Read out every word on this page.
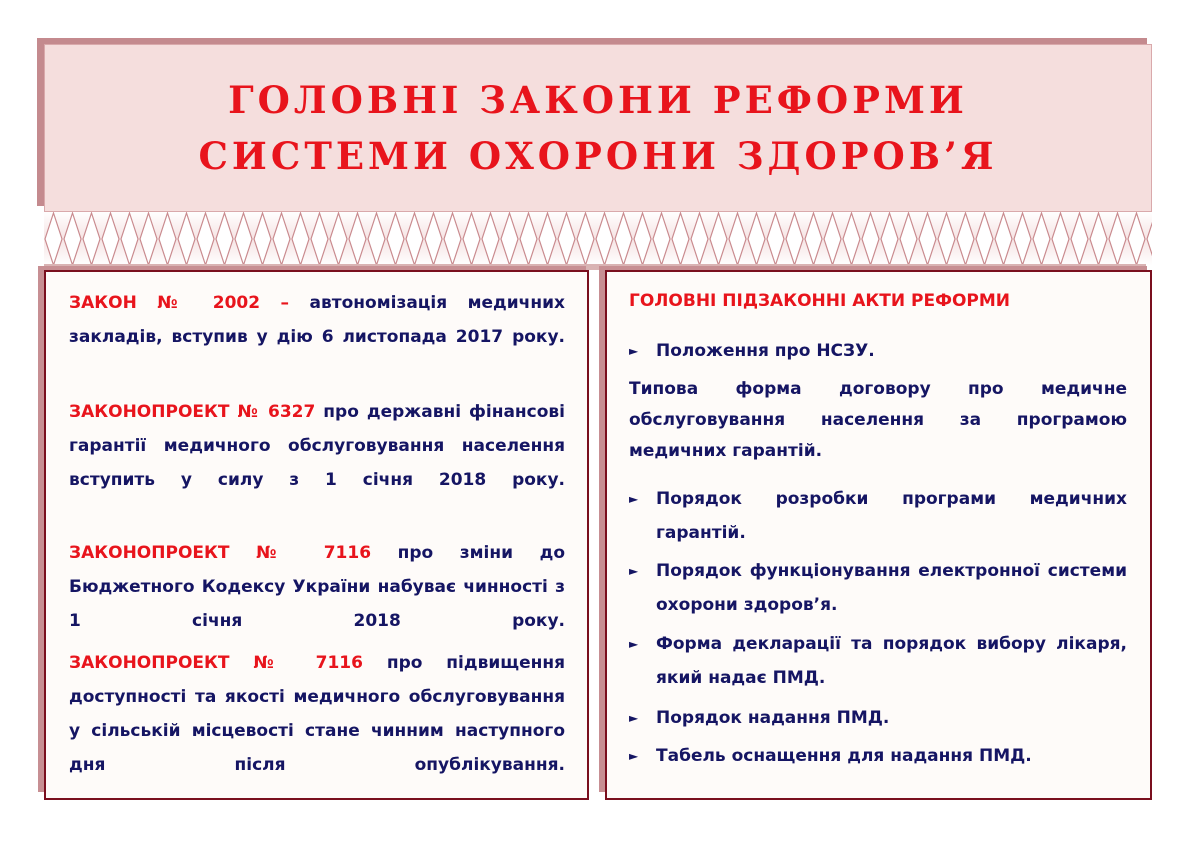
ГОЛОВНІ ЗАКОНИ РЕФОРМИ
СИСТЕМИ ОХОРОНИ ЗДОРОВ’Я
ЗАКОН № 2002 – автономізація медичних закладів, вступив у дію 6 листопада 2017 року.
ЗАКОНОПРОЕКТ № 6327 про державні фінансові гарантії медичного обслуговування населення вступить у силу з 1 січня 2018 року.
ЗАКОНОПРОЕКТ № 7116 про зміни до Бюджетного Кодексу України набуває чинності з 1 січня 2018 року.
ЗАКОНОПРОЕКТ № 7116 про підвищення доступності та якості медичного обслуговування у сільській місцевості стане чинним наступного дня після опублікування.
ГОЛОВНІ ПІДЗАКОННІ АКТИ РЕФОРМИ
► Положення про НСЗУ.
Типова форма договору про медичне обслуговування населення за програмою медичних гарантій.
► Порядок розробки програми медичних гарантій.
► Порядок функціонування електронної системи охорони здоров’я.
► Форма декларації та порядок вибору лікаря, який надає ПМД.
► Порядок надання ПМД.
► Табель оснащення для надання ПМД.
